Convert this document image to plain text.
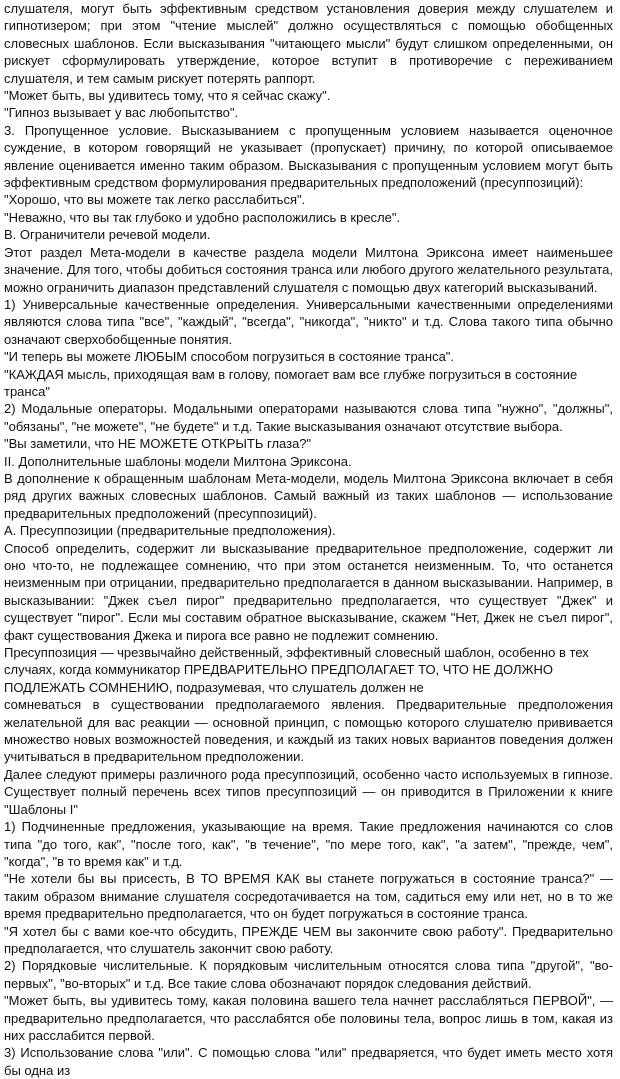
слушателя, могут быть эффективным средством установления доверия между слушателем и гипнотизером; при этом "чтение мыслей" должно осуществляться с помощью обобщенных словесных шаблонов. Если высказывания "читающего мысли" будут слишком определенными, он рискует сформулировать утверждение, которое вступит в противоречие с переживанием слушателя, и тем самым рискует потерять раппорт.

"Может быть, вы удивитесь тому, что я сейчас скажу".

"Гипноз вызывает у вас любопытство".

3. Пропущенное условие. Высказыванием с пропущенным условием называется оценочное суждение, в котором говорящий не указывает (пропускает) причину, по которой описываемое явление оценивается именно таким образом. Высказывания с пропущенным условием могут быть эффективным средством формулирования предварительных предположений (пресуппозиций):

"Хорошо, что вы можете так легко расслабиться".

"Неважно, что вы так глубоко и удобно расположились в кресле".

В. Ограничители речевой модели.

Этот раздел Мета-модели в качестве раздела модели Милтона Эриксона имеет наименьшее значение. Для того, чтобы добиться состояния транса или любого другого желательного результата, можно ограничить диапазон представлений слушателя с помощью двух категорий высказываний.

1) Универсальные качественные определения. Универсальными качественными определениями являются слова типа "все", "каждый", "всегда", "никогда", "никто" и т.д. Слова такого типа обычно означают сверхобобщенные понятия.

"И теперь вы можете ЛЮБЫМ способом погрузиться в состояние транса".

"КАЖДАЯ мысль, приходящая вам в голову, помогает вам все глубже погрузиться в состояние транса"

2) Модальные операторы. Модальными операторами называются слова типа "нужно", "должны", "обязаны", "не можете", "не будете" и т.д. Такие высказывания означают отсутствие выбора.

"Вы заметили, что НЕ МОЖЕТЕ ОТКРЫТЬ глаза?"

II. Дополнительные шаблоны модели Милтона Эриксона.

В дополнение к обращенным шаблонам Мета-модели, модель Милтона Эриксона включает в себя ряд других важных словесных шаблонов. Самый важный из таких шаблонов — использование предварительных предположений (пресуппозиций).

А. Пресуппозиции (предварительные предположения).

Способ определить, содержит ли высказывание предварительное предположение, содержит ли оно что-то, не подлежащее сомнению, что при этом останется неизменным. То, что останется неизменным при отрицании, предварительно предполагается в данном высказывании. Например, в высказывании: "Джек съел пирог" предварительно предполагается, что существует "Джек" и существует "пирог". Если мы составим обратное высказывание, скажем "Нет, Джек не съел пирог", факт существования Джека и пирога все равно не подлежит сомнению.

Пресуппозиция — чрезвычайно действенный, эффективный словесный шаблон, особенно в тех случаях, когда коммуникатор ПРЕДВАРИТЕЛЬНО ПРЕДПОЛАГАЕТ ТО, ЧТО НЕ ДОЛЖНО ПОДЛЕЖАТЬ СОМНЕНИЮ, подразумевая, что слушатель должен не

сомневаться в существовании предполагаемого явления. Предварительные предположения желательной для вас реакции — основной принцип, с помощью которого слушателю прививается множество новых возможностей поведения, и каждый из таких новых вариантов поведения должен учитываться в предварительном предположении.

Далее следуют примеры различного рода пресуппозиций, особенно часто используемых в гипнозе. Существует полный перечень всех типов пресуппозиций — он приводится в Приложении к книге "Шаблоны I"

1) Подчиненные предложения, указывающие на время. Такие предложения начинаются со слов типа "до того, как", "после того, как", "в течение", "по мере того, как", "а затем", "прежде, чем", "когда", "в то время как" и т.д.

"Не хотели бы вы присесть, В ТО ВРЕМЯ КАК вы станете погружаться в состояние транса?" — таким образом внимание слушателя сосредотачивается на том, садиться ему или нет, но в то же время предварительно предполагается, что он будет погружаться в состояние транса.

"Я хотел бы с вами кое-что обсудить, ПРЕЖДЕ ЧЕМ вы закончите свою работу". Предварительно предполагается, что слушатель закончит свою работу.

2) Порядковые числительные. К порядковым числительным относятся слова типа "другой", "во-первых", "во-вторых" и т.д. Все такие слова обозначают порядок следования действий.

"Может быть, вы удивитесь тому, какая половина вашего тела начнет расслабляться ПЕРВОЙ", — предварительно предполагается, что расслабятся обе половины тела, вопрос лишь в том, какая из них расслабится первой.

3) Использование слова "или". С помощью слова "или" предваряется, что будет иметь место хотя бы одна из
